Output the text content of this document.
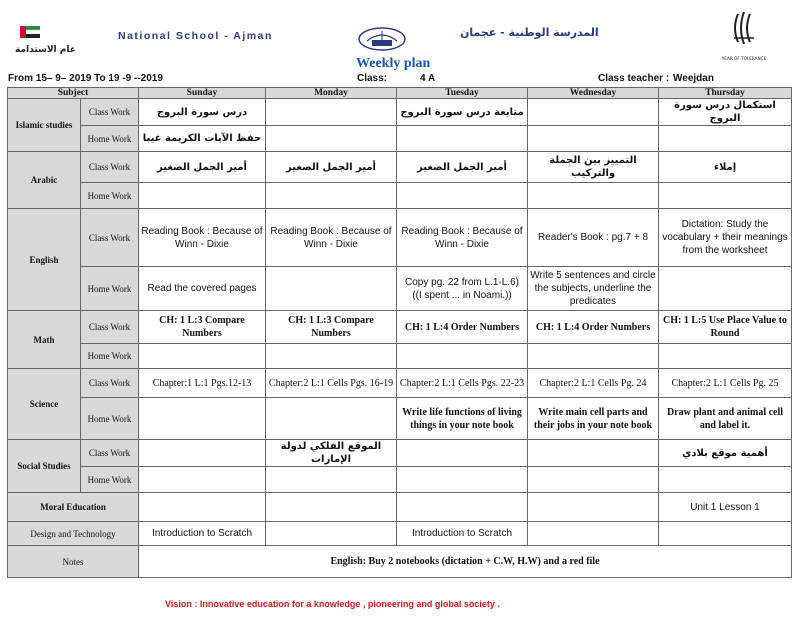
عام الاستدامة
National School - Ajman	المدرسة الوطنية - عجمان
YEAR OF TOLERANCE
Weekly plan
From 15– 9– 2019 To 19 -9 --2019	Class:	4 A	Class teacher : Weejdan
Subject		Sunday	Monday	Tuesday	Wednesday	Thursday
Islamic studies	Class Work	درس سورة البروج		متابعة درس سورة البروج		استكمال درس سورة البروج
	Home Work	حفظ الآيات الكريمة غيبا				
Arabic	Class Work	أمير الجمل الصغير	أمير الجمل الصغير	أمير الجمل الصغير	التمييز بين الجملة والتركيب	إملاء
	Home Work					
English	Class Work	Reading Book : Because of Winn - Dixie	Reading Book : Because of Winn - Dixie	Reading Book : Because of Winn - Dixie	Reader's Book : pg.7 + 8	Dictation: Study the vocabulary + their meanings from the worksheet
	Home Work	Read the covered pages		Copy pg. 22 from L.1-L.6) ((I spent ... in Noami.))	Write 5 sentences and circle the subjects, underline the predicates	
Math	Class Work	CH: 1 L:3 Compare Numbers	CH: 1 L:3 Compare Numbers	CH: 1 L:4 Order Numbers	CH: 1 L:4 Order Numbers	CH: 1 L:5 Use Place Value to Round
	Home Work					
Science	Class Work	Chapter:1 L:1 Pgs.12-13	Chapter:2 L:1 Cells Pgs. 16-19	Chapter:2 L:1 Cells Pgs. 22-23	Chapter:2 L:1 Cells Pg. 24	Chapter:2 L:1 Cells Pg. 25
	Home Work			Write life functions of living things in your note book	Write main cell parts and their jobs in your note book	Draw plant and animal cell and label it.
Social Studies	Class Work		الموقع الفلكي لدولة الإمارات			أهمية موقع بلادي
	Home Work					
Moral Education						Unit 1 Lesson 1
Design and Technology		Introduction to Scratch		Introduction to Scratch		
Notes		English: Buy 2 notebooks (dictation + C.W, H.W) and a red file				
Vision : Innovative education for a knowledge , pioneering and global society .
